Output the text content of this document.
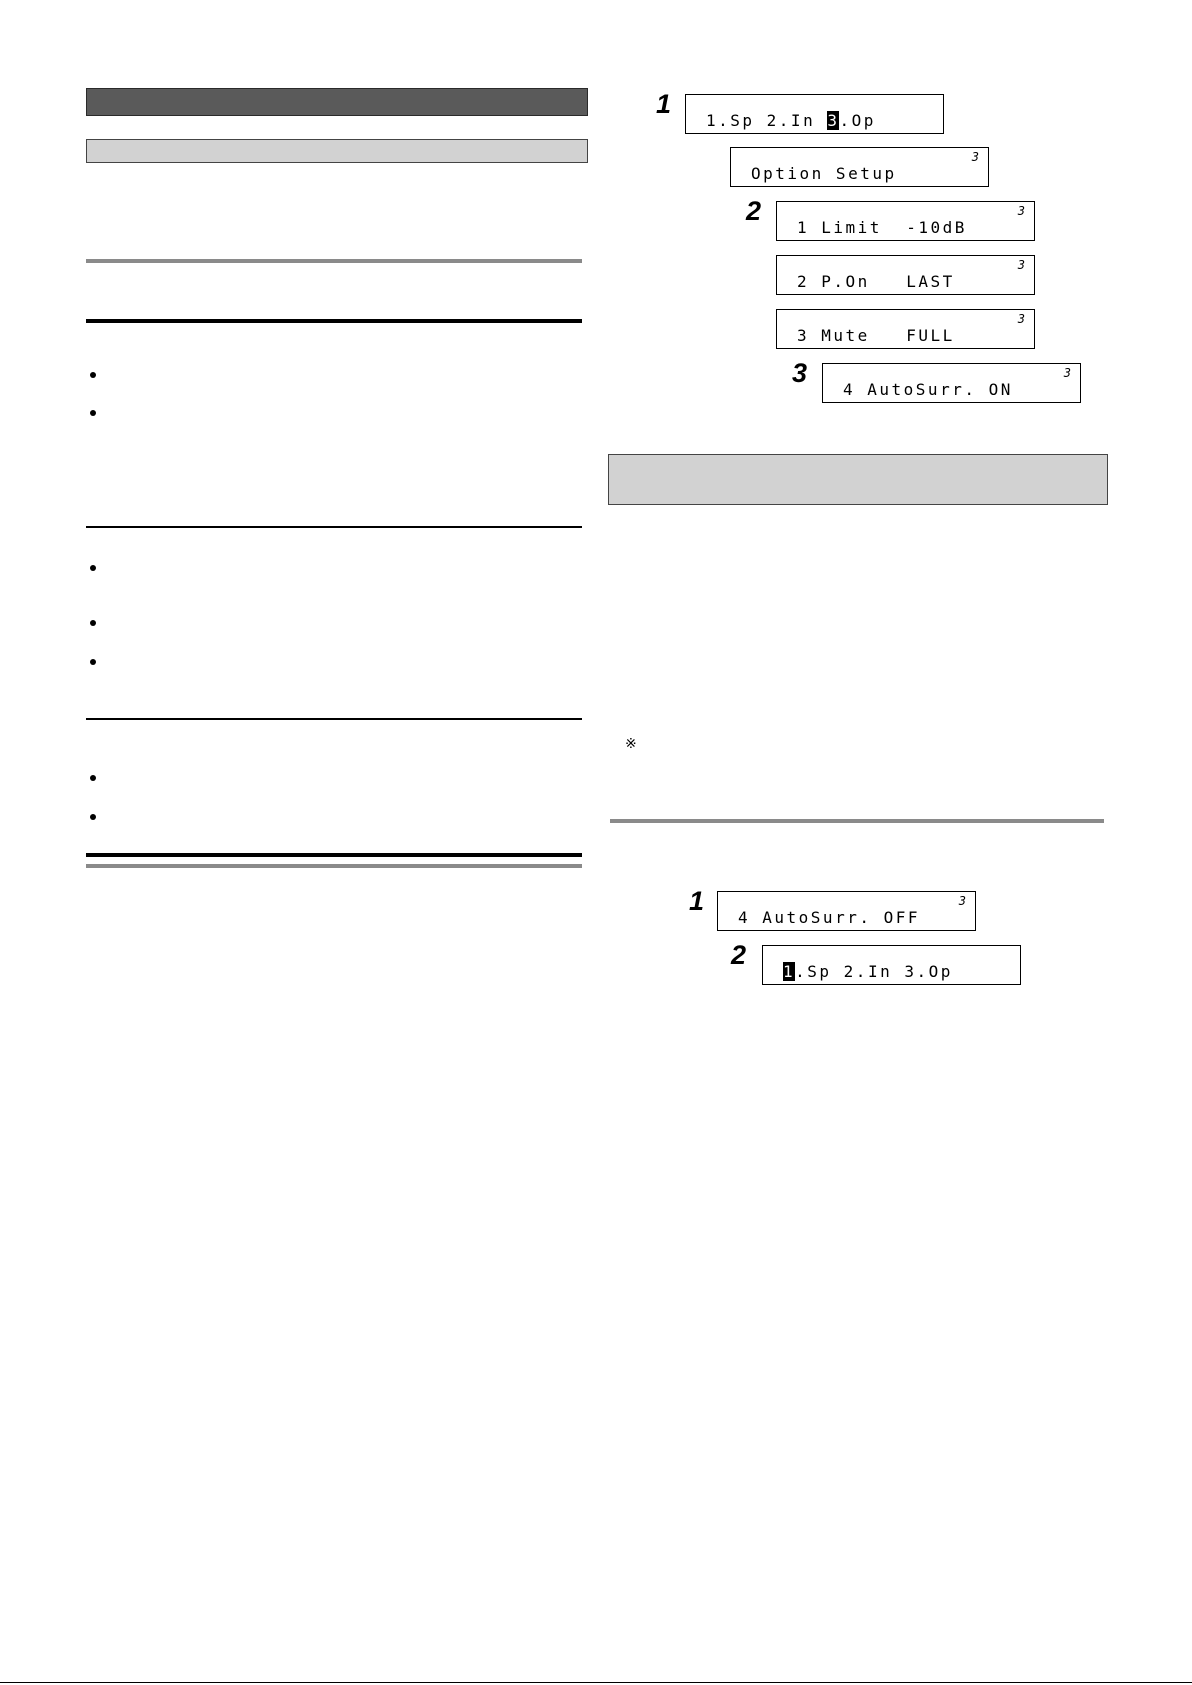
1
1.Sp 2.In 3.Op
Option Setup
3
2
1 Limit  -10dB
3
2 P.On   LAST
3
3 Mute   FULL
3
3
4 AutoSurr. ON
3
※
1
4 AutoSurr. OFF
3
2
1.Sp 2.In 3.Op
